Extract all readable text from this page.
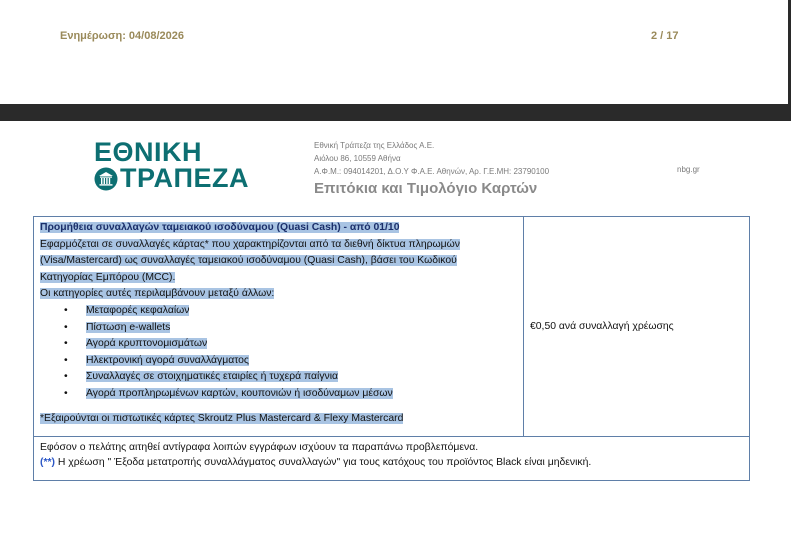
Ενημέρωση: 04/08/2026	2 / 17
ΕΘΝΙΚΗ
ΤΡΑΠΕΖΑ
Εθνική Τράπεζα της Ελλάδος Α.Ε.
Αιόλου 86, 10559 Αθήνα
Α.Φ.Μ.: 094014201, Δ.Ο.Υ Φ.Α.Ε. Αθηνών, Αρ. Γ.Ε.ΜΗ: 23790100	nbg.gr
Επιτόκια και Τιμολόγιο Καρτών
Προμήθεια συναλλαγών ταμειακού ισοδύναμου (Quasi Cash) - από 01/10
Εφαρμόζεται σε συναλλαγές κάρτας* που χαρακτηρίζονται από τα διεθνή δίκτυα πληρωμών
(Visa/Mastercard) ως συναλλαγές ταμειακού ισοδύναμου (Quasi Cash), βάσει του Κωδικού
Κατηγορίας Εμπόρου (MCC).
Οι κατηγορίες αυτές περιλαμβάνουν μεταξύ άλλων:
• Μεταφορές κεφαλαίων
• Πίστωση e-wallets
• Αγορά κρυπτονομισμάτων
• Ηλεκτρονική αγορά συναλλάγματος
• Συναλλαγές σε στοιχηματικές εταιρίες ή τυχερά παίγνια
• Αγορά προπληρωμένων καρτών, κουπονιών ή ισοδύναμων μέσων
*Εξαιρούνται οι πιστωτικές κάρτες Skroutz Plus Mastercard & Flexy Mastercard
€0,50 ανά συναλλαγή χρέωσης
Εφόσον ο πελάτης αιτηθεί αντίγραφα λοιπών εγγράφων ισχύουν τα παραπάνω προβλεπόμενα.
(**) Η χρέωση " Έξοδα μετατροπής συναλλάγματος συναλλαγών" για τους κατόχους του προϊόντος Black είναι μηδενική.
